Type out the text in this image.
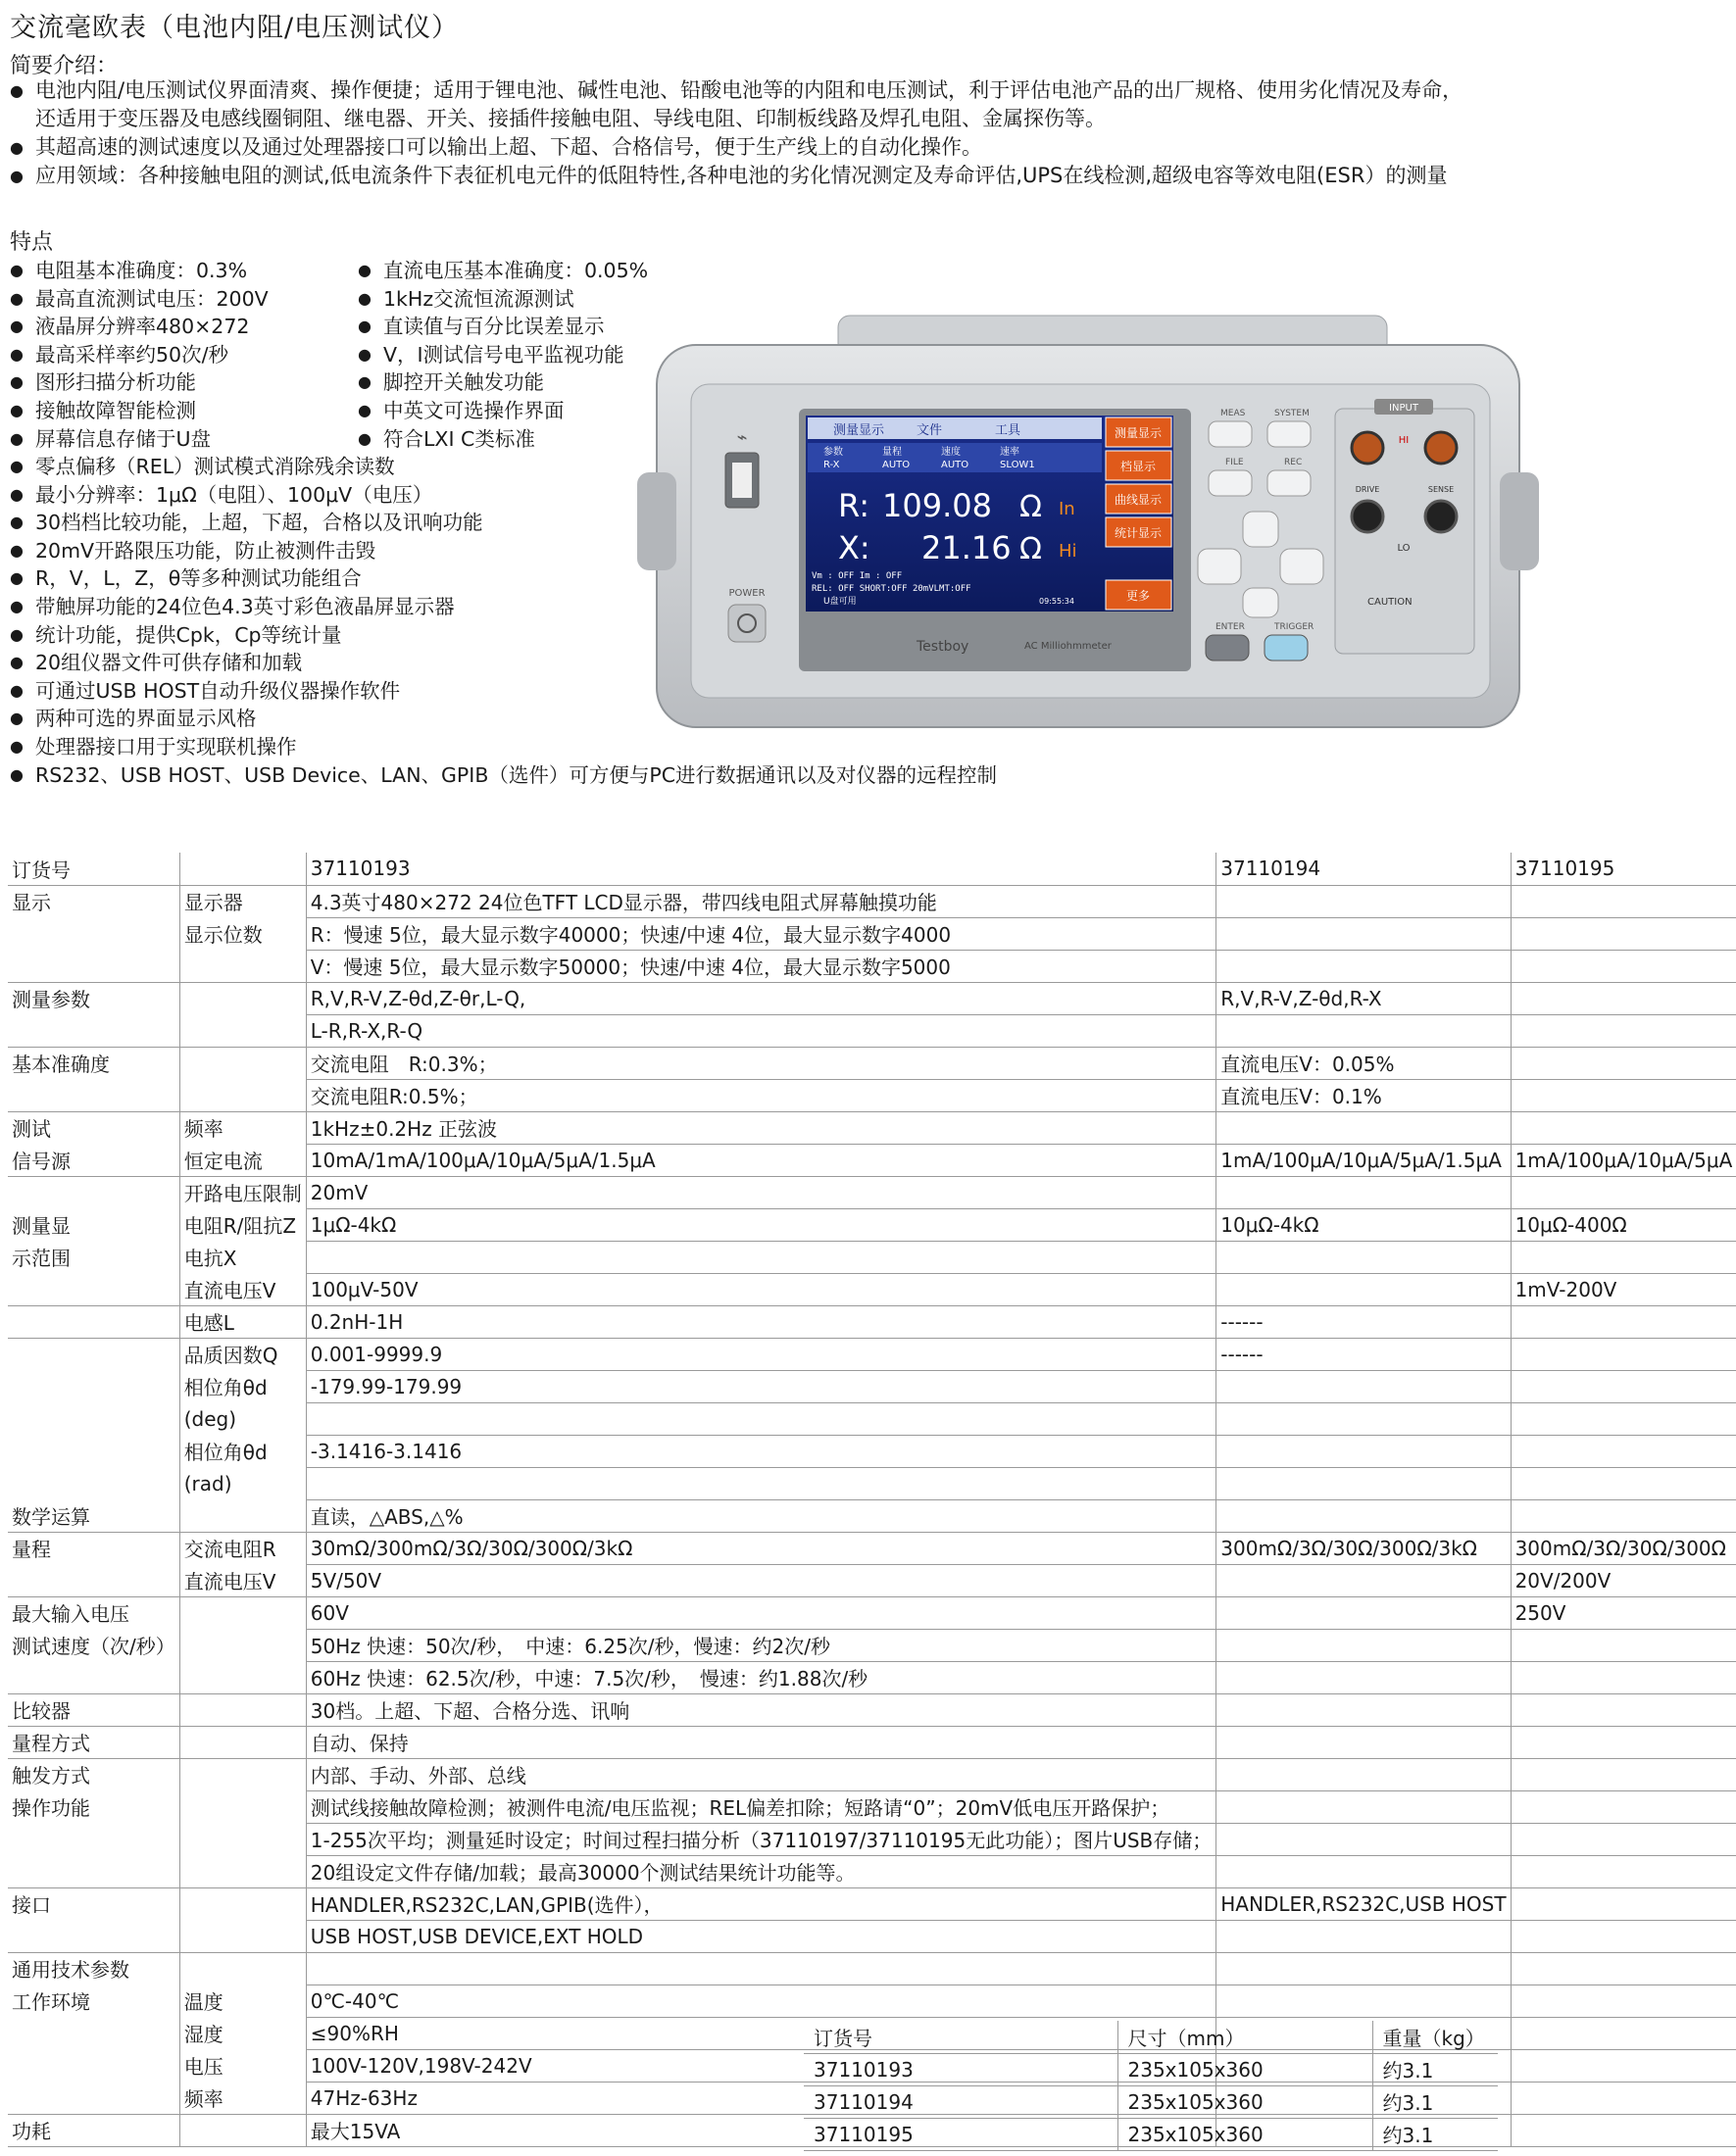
交流毫欧表（电池内阻/电压测试仪）
简要介绍：
● 电池内阻/电压测试仪界面清爽、操作便捷；适用于锂电池、碱性电池、铅酸电池等的内阻和电压测试，利于评估电池产品的出厂规格、使用劣化情况及寿命，还适用于变压器及电感线圈铜阻、继电器、开关、接插件接触电阻、导线电阻、印制板线路及焊孔电阻、金属探伤等。
● 其超高速的测试速度以及通过处理器接口可以输出上超、下超、合格信号，便于生产线上的自动化操作。
● 应用领域：各种接触电阻的测试,低电流条件下表征机电元件的低阻特性,各种电池的劣化情况测定及寿命评估,UPS在线检测,超级电容等效电阻(ESR）的测量
特点
● 电阻基本准确度：0.3%
● 最高直流测试电压：200V
● 液晶屏分辨率480×272
● 最高采样率约50次/秒
● 图形扫描分析功能
● 接触故障智能检测
● 屏幕信息存储于U盘
● 直流电压基本准确度：0.05%
● 1kHz交流恒流源测试
● 直读值与百分比误差显示
● V，I测试信号电平监视功能
● 脚控开关触发功能
● 中英文可选操作界面
● 符合LXI C类标准
● 零点偏移（REL）测试模式消除残余读数
● 最小分辨率：1μΩ（电阻）、100μV（电压）
● 30档档比较功能，上超，下超，合格以及讯响功能
● 20mV开路限压功能，防止被测件击毁
● R，V，L，Z，θ等多种测试功能组合
● 带触屏功能的24位色4.3英寸彩色液晶屏显示器
● 统计功能，提供Cpk，Cp等统计量
● 20组仪器文件可供存储和加载
● 可通过USB HOST自动升级仪器操作软件
● 两种可选的界面显示风格
● 处理器接口用于实现联机操作
● RS232、USB HOST、USB Device、LAN、GPIB（选件）可方便与PC进行数据通讯以及对仪器的远程控制
⌁
POWER
测量显示	文件	工具
参数	量程	速度	速率
R-X	AUTO	AUTO	SLOW1
R: 109.08 Ω In
X: 21.16 Ω Hi
Vm : OFF Im : OFF
REL: OFF SHORT:OFF 20mVLMT:OFF
U盘可用	09:55:34
测量显示
档显示
曲线显示
统计显示
更多
Testboy	AC Milliohmmeter
MEAS	SYSTEM
FILE	REC
ENTER	TRIGGER
INPUT
HI
DRIVE	SENSE
LO
CAUTION
订货号		37110193	37110194	37110195
显示	显示器	4.3英寸480×272 24位色TFT LCD显示器，带四线电阻式屏幕触摸功能		
	显示位数	R：慢速 5位，最大显示数字40000；快速/中速 4位，最大显示数字4000		
		V：慢速 5位，最大显示数字50000；快速/中速 4位，最大显示数字5000		
测量参数		R,V,R-V,Z-θd,Z-θr,L-Q,	R,V,R-V,Z-θd,R-X	
		L-R,R-X,R-Q		
基本准确度		交流电阻　R:0.3%；	直流电压V：0.05%	
		交流电阻R:0.5%；	直流电压V：0.1%	
测试	频率	1kHz±0.2Hz 正弦波		
信号源	恒定电流	10mA/1mA/100μA/10μA/5μA/1.5μA	1mA/100μA/10μA/5μA/1.5μA	1mA/100μA/10μA/5μA
	开路电压限制	20mV		
测量显	电阻R/阻抗Z	1μΩ-4kΩ	10μΩ-4kΩ	10μΩ-400Ω
示范围	电抗X			
	直流电压V	100μV-50V		1mV-200V
	电感L	0.2nH-1H	------	
	品质因数Q	0.001-9999.9	------	
	相位角θd	-179.99-179.99		
	(deg)			
	相位角θd	-3.1416-3.1416		
	(rad)			
数学运算		直读，△ABS,△%		
量程	交流电阻R	30mΩ/300mΩ/3Ω/30Ω/300Ω/3kΩ	300mΩ/3Ω/30Ω/300Ω/3kΩ	300mΩ/3Ω/30Ω/300Ω
	直流电压V	5V/50V		20V/200V
最大输入电压		60V		250V
测试速度（次/秒）		50Hz 快速：50次/秒，　中速：6.25次/秒，慢速：约2次/秒		
		60Hz 快速：62.5次/秒，中速：7.5次/秒，　慢速：约1.88次/秒		
比较器		30档。上超、下超、合格分选、讯响		
量程方式		自动、保持		
触发方式		内部、手动、外部、总线		
操作功能		测试线接触故障检测；被测件电流/电压监视；REL偏差扣除；短路请“0”；20mV低电压开路保护；		
		1-255次平均；测量延时设定；时间过程扫描分析（37110197/37110195无此功能）；图片USB存储；		
		20组设定文件存储/加载；最高30000个测试结果统计功能等。		
接口		HANDLER,RS232C,LAN,GPIB(选件），	HANDLER,RS232C,USB HOST	
		USB HOST,USB DEVICE,EXT HOLD		
通用技术参数				
工作环境	温度	0℃-40℃		
	湿度	≤90%RH		
	电压	100V-120V,198V-242V		
	频率	47Hz-63Hz		
功耗		最大15VA		
订货号	尺寸（mm）	重量（kg）
37110193	235x105x360	约3.1
37110194	235x105x360	约3.1
37110195	235x105x360	约3.1
